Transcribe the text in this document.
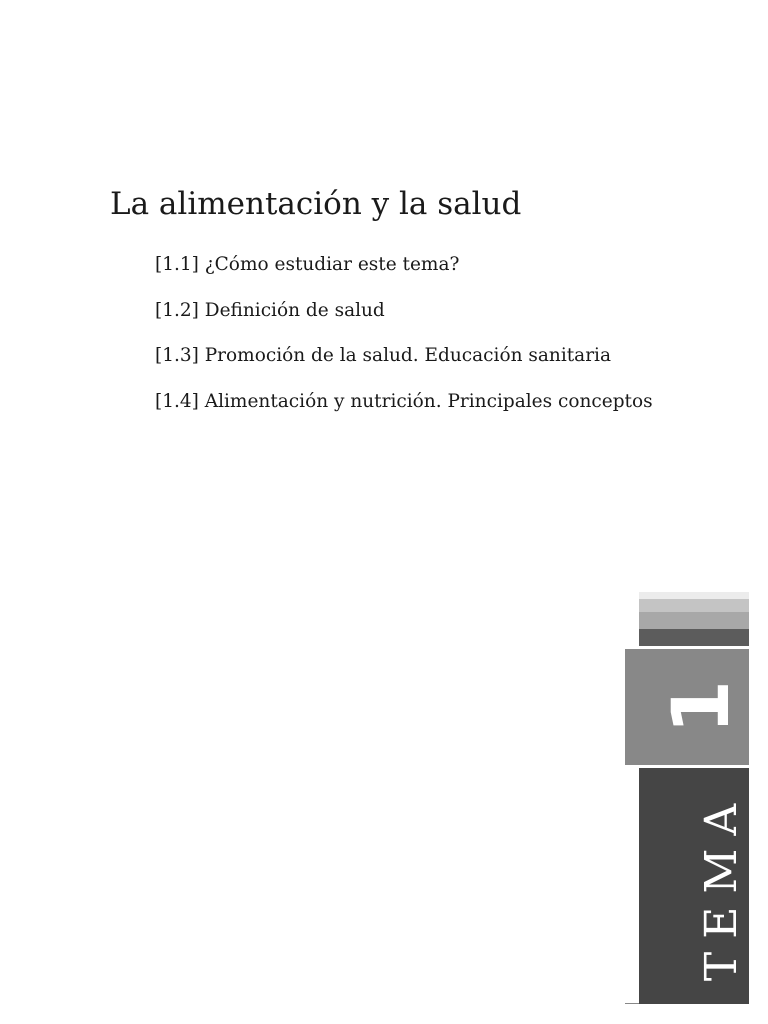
La alimentación y la salud
[1.1] ¿Cómo estudiar este tema?
[1.2] Definición de salud
[1.3] Promoción de la salud. Educación sanitaria
[1.4] Alimentación y nutrición. Principales conceptos
1
TEMA
